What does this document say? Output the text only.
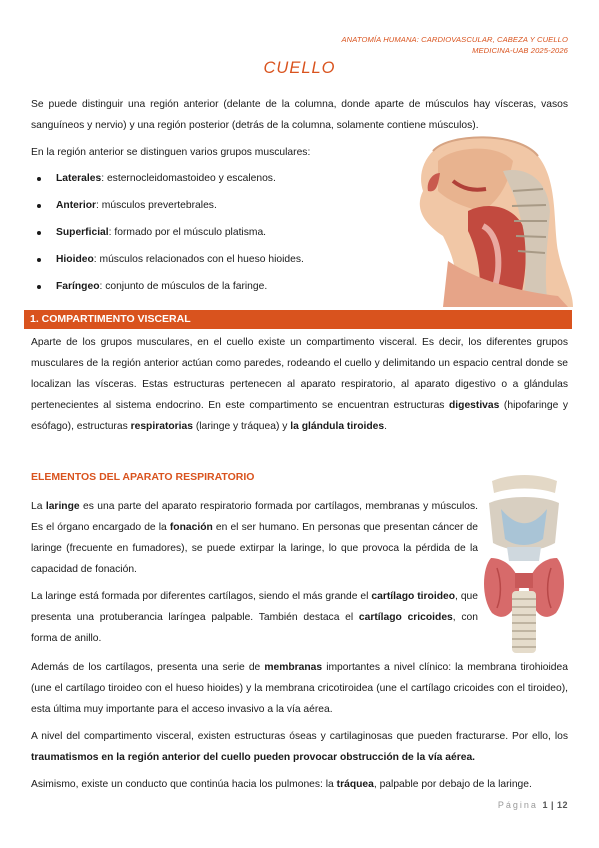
ANATOMÍA HUMANA: CARDIOVASCULAR, CABEZA Y CUELLO
MEDICINA-UAB 2025-2026
CUELLO

Se puede distinguir una región anterior (delante de la columna, donde aparte de músculos hay vísceras, vasos sanguíneos y nervio) y una región posterior (detrás de la columna, solamente contiene músculos).

En la región anterior se distinguen varios grupos musculares:

Laterales: esternocleidomastoideo y escalenos.
Anterior: músculos prevertebrales.
Superficial: formado por el músculo platisma.
Hioideo: músculos relacionados con el hueso hioides.
Faríngeo: conjunto de músculos de la faringe.
1. COMPARTIMENTO VISCERAL

Aparte de los grupos musculares, en el cuello existe un compartimento visceral. Es decir, los diferentes grupos musculares de la región anterior actúan como paredes, rodeando el cuello y delimitando un espacio central donde se localizan las vísceras. Estas estructuras pertenecen al aparato respiratorio, al aparato digestivo o a glándulas pertenecientes al sistema endocrino. En este compartimento se encuentran estructuras digestivas (hipofaringe y esófago), estructuras respiratorias (laringe y tráquea) y la glándula tiroides.

ELEMENTOS DEL APARATO RESPIRATORIO

La laringe es una parte del aparato respiratorio formada por cartílagos, membranas y músculos. Es el órgano encargado de la fonación en el ser humano. En personas que presentan cáncer de laringe (frecuente en fumadores), se puede extirpar la laringe, lo que provoca la pérdida de la capacidad de fonación.

La laringe está formada por diferentes cartílagos, siendo el más grande el cartílago tiroideo, que presenta una protuberancia laríngea palpable. También destaca el cartílago cricoides, con forma de anillo.

Además de los cartílagos, presenta una serie de membranas importantes a nivel clínico: la membrana tirohioidea (une el cartílago tiroideo con el hueso hioides) y la membrana cricotiroidea (une el cartílago cricoides con el tiroideo), esta última muy importante para el acceso invasivo a la vía aérea.

A nivel del compartimento visceral, existen estructuras óseas y cartilaginosas que pueden fracturarse. Por ello, los traumatismos en la región anterior del cuello pueden provocar obstrucción de la vía aérea.

Asimismo, existe un conducto que continúa hacia los pulmones: la tráquea, palpable por debajo de la laringe.

Página 1 | 12
